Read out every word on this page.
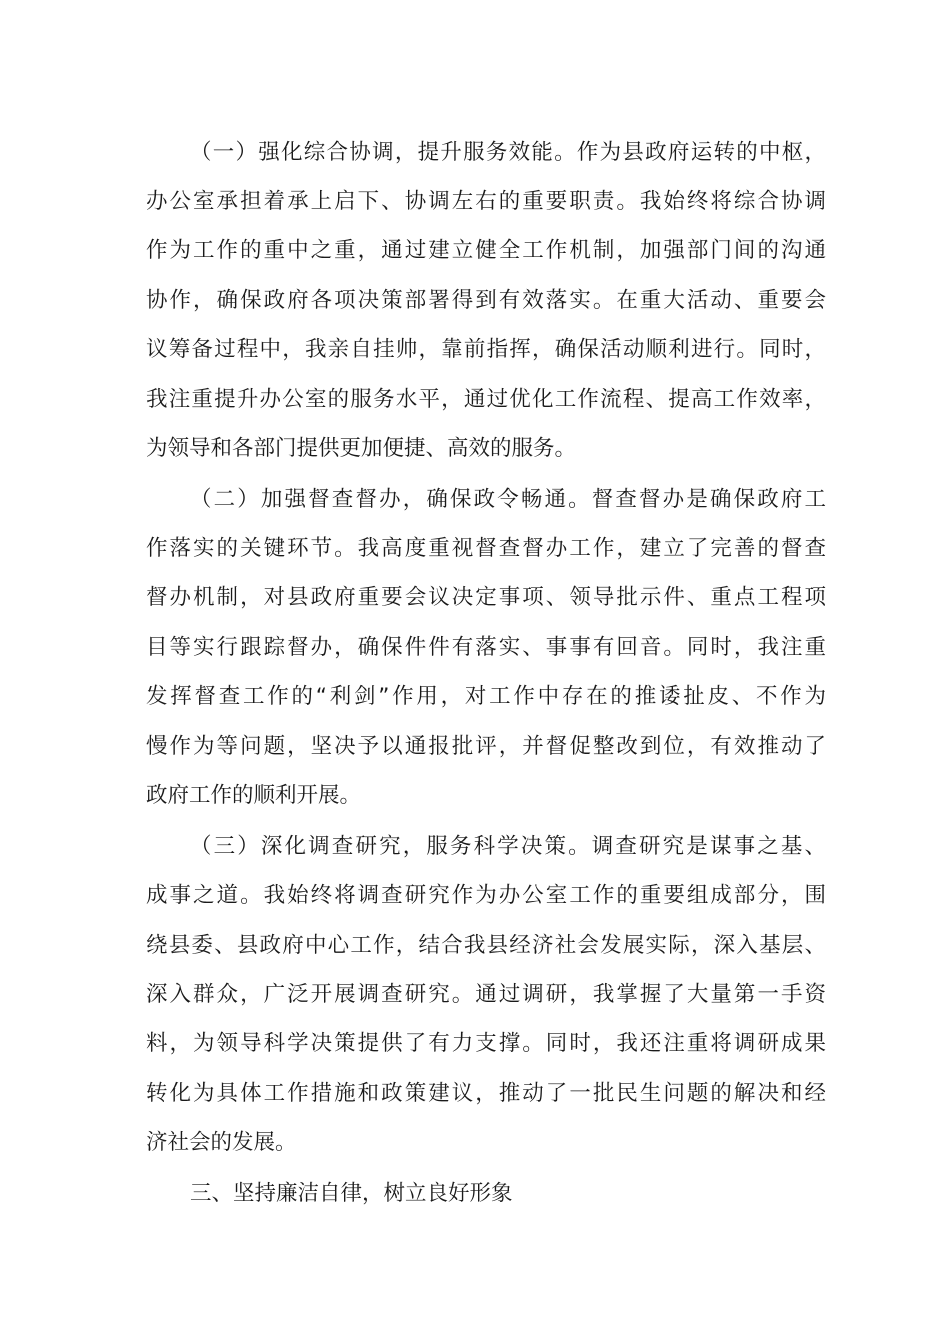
（一）强化综合协调，提升服务效能。作为县政府运转的中枢，
办公室承担着承上启下、协调左右的重要职责。我始终将综合协调
作为工作的重中之重，通过建立健全工作机制，加强部门间的沟通
协作，确保政府各项决策部署得到有效落实。在重大活动、重要会
议筹备过程中，我亲自挂帅，靠前指挥，确保活动顺利进行。同时，
我注重提升办公室的服务水平，通过优化工作流程、提高工作效率，
为领导和各部门提供更加便捷、高效的服务。
（二）加强督查督办，确保政令畅通。督查督办是确保政府工
作落实的关键环节。我高度重视督查督办工作，建立了完善的督查
督办机制，对县政府重要会议决定事项、领导批示件、重点工程项
目等实行跟踪督办，确保件件有落实、事事有回音。同时，我注重
发挥督查工作的“利剑”作用，对工作中存在的推诿扯皮、不作为
慢作为等问题，坚决予以通报批评，并督促整改到位，有效推动了
政府工作的顺利开展。
（三）深化调查研究，服务科学决策。调查研究是谋事之基、
成事之道。我始终将调查研究作为办公室工作的重要组成部分，围
绕县委、县政府中心工作，结合我县经济社会发展实际，深入基层、
深入群众，广泛开展调查研究。通过调研，我掌握了大量第一手资
料，为领导科学决策提供了有力支撑。同时，我还注重将调研成果
转化为具体工作措施和政策建议，推动了一批民生问题的解决和经
济社会的发展。
三、坚持廉洁自律，树立良好形象
